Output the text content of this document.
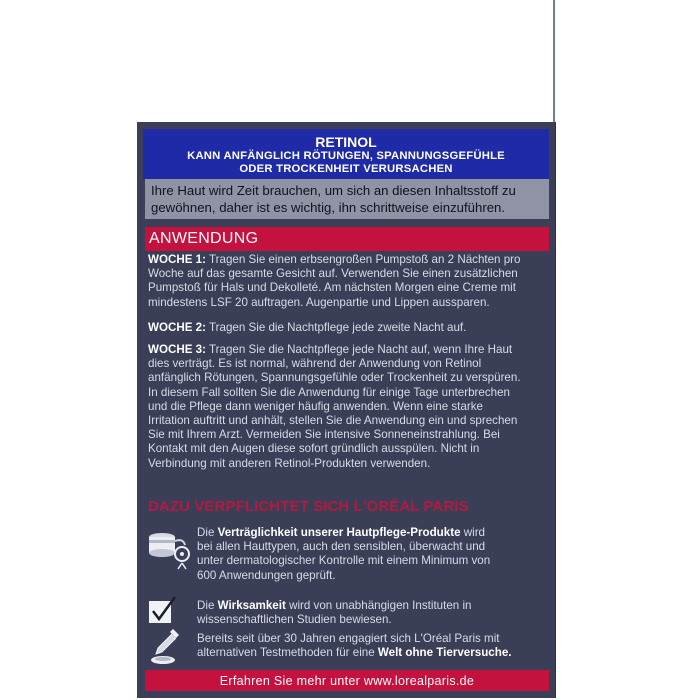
RETINOL
KANN ANFÄNGLICH RÖTUNGEN, SPANNUNGSGEFÜHLE
ODER TROCKENHEIT VERURSACHEN
Ihre Haut wird Zeit brauchen, um sich an diesen Inhaltsstoff zu
gewöhnen, daher ist es wichtig, ihn schrittweise einzuführen.
ANWENDUNG
WOCHE 1: Tragen Sie einen erbsengroßen Pumpstoß an 2 Nächten pro
Woche auf das gesamte Gesicht auf. Verwenden Sie einen zusätzlichen
Pumpstoß für Hals und Dekolleté. Am nächsten Morgen eine Creme mit
mindestens LSF 20 auftragen. Augenpartie und Lippen aussparen.
WOCHE 2: Tragen Sie die Nachtpflege jede zweite Nacht auf.
WOCHE 3: Tragen Sie die Nachtpflege jede Nacht auf, wenn Ihre Haut
dies verträgt. Es ist normal, während der Anwendung von Retinol
anfänglich Rötungen, Spannungsgefühle oder Trockenheit zu verspüren.
In diesem Fall sollten Sie die Anwendung für einige Tage unterbrechen
und die Pflege dann weniger häufig anwenden. Wenn eine starke
Irritation auftritt und anhält, stellen Sie die Anwendung ein und sprechen
Sie mit Ihrem Arzt. Vermeiden Sie intensive Sonneneinstrahlung. Bei
Kontakt mit den Augen diese sofort gründlich ausspülen. Nicht in
Verbindung mit anderen Retinol-Produkten verwenden.
DAZU VERPFLICHTET SICH L'ORÉAL PARIS
Die Verträglichkeit unserer Hautpflege-Produkte wird
bei allen Hauttypen, auch den sensiblen, überwacht und
unter dermatologischer Kontrolle mit einem Minimum von
600 Anwendungen geprüft.
Die Wirksamkeit wird von unabhängigen Instituten in
wissenschaftlichen Studien bewiesen.
Bereits seit über 30 Jahren engagiert sich L'Oréal Paris mit
alternativen Testmethoden für eine Welt ohne Tierversuche.
Erfahren Sie mehr unter www.lorealparis.de
